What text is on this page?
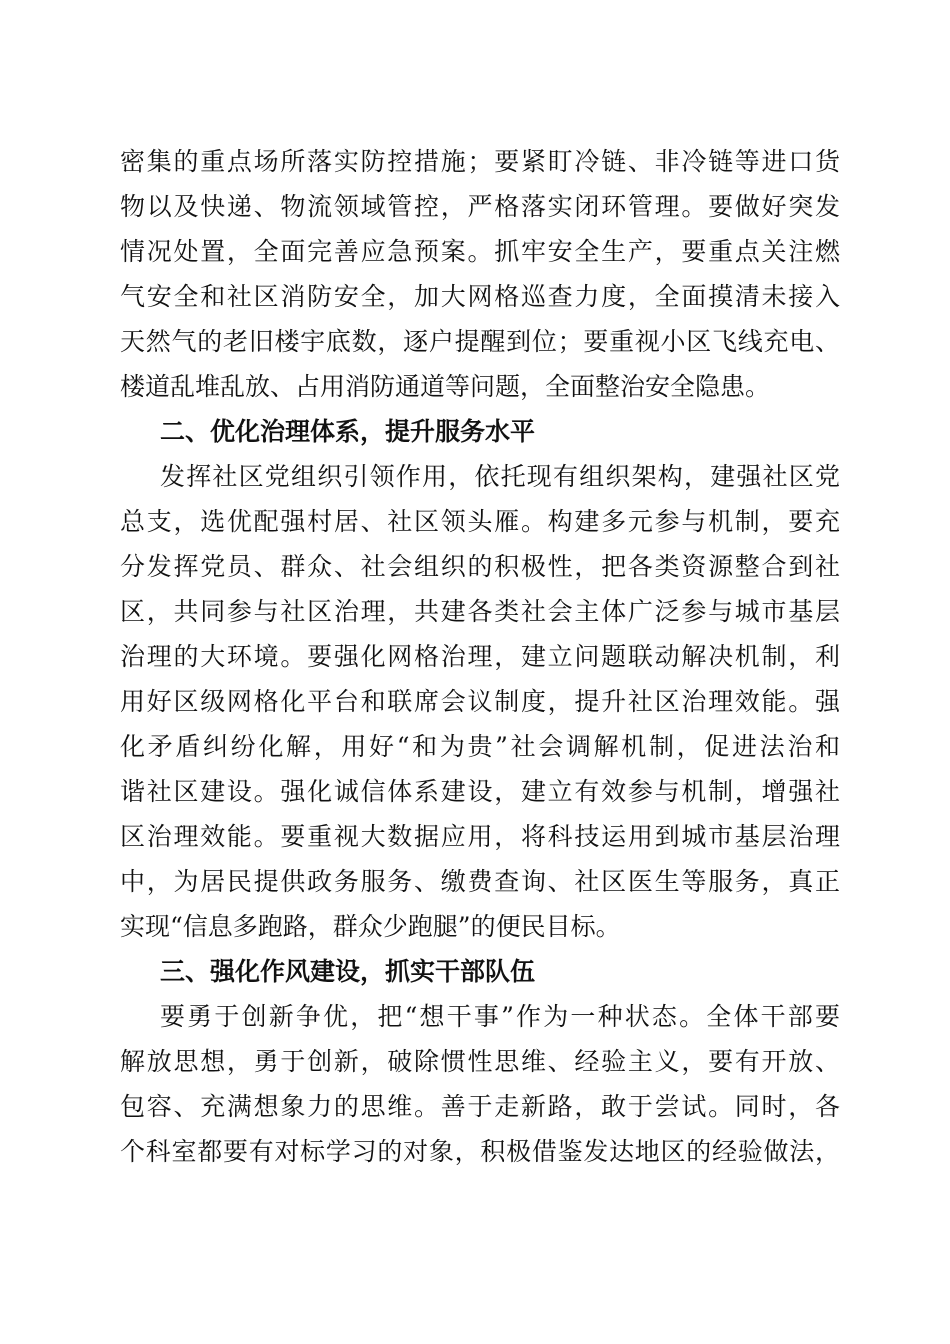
密集的重点场所落实防控措施；要紧盯冷链、非冷链等进口货
物以及快递、物流领域管控，严格落实闭环管理。要做好突发
情况处置，全面完善应急预案。抓牢安全生产，要重点关注燃
气安全和社区消防安全，加大网格巡查力度，全面摸清未接入
天然气的老旧楼宇底数，逐户提醒到位；要重视小区飞线充电、
楼道乱堆乱放、占用消防通道等问题，全面整治安全隐患。
二、优化治理体系，提升服务水平
发挥社区党组织引领作用，依托现有组织架构，建强社区党
总支，选优配强村居、社区领头雁。构建多元参与机制，要充
分发挥党员、群众、社会组织的积极性，把各类资源整合到社
区，共同参与社区治理，共建各类社会主体广泛参与城市基层
治理的大环境。要强化网格治理，建立问题联动解决机制，利
用好区级网格化平台和联席会议制度，提升社区治理效能。强
化矛盾纠纷化解，用好“和为贵”社会调解机制，促进法治和
谐社区建设。强化诚信体系建设，建立有效参与机制，增强社
区治理效能。要重视大数据应用，将科技运用到城市基层治理
中，为居民提供政务服务、缴费查询、社区医生等服务，真正
实现“信息多跑路，群众少跑腿”的便民目标。
三、强化作风建设，抓实干部队伍
要勇于创新争优，把“想干事”作为一种状态。全体干部要
解放思想，勇于创新，破除惯性思维、经验主义，要有开放、
包容、充满想象力的思维。善于走新路，敢于尝试。同时，各
个科室都要有对标学习的对象，积极借鉴发达地区的经验做法，
